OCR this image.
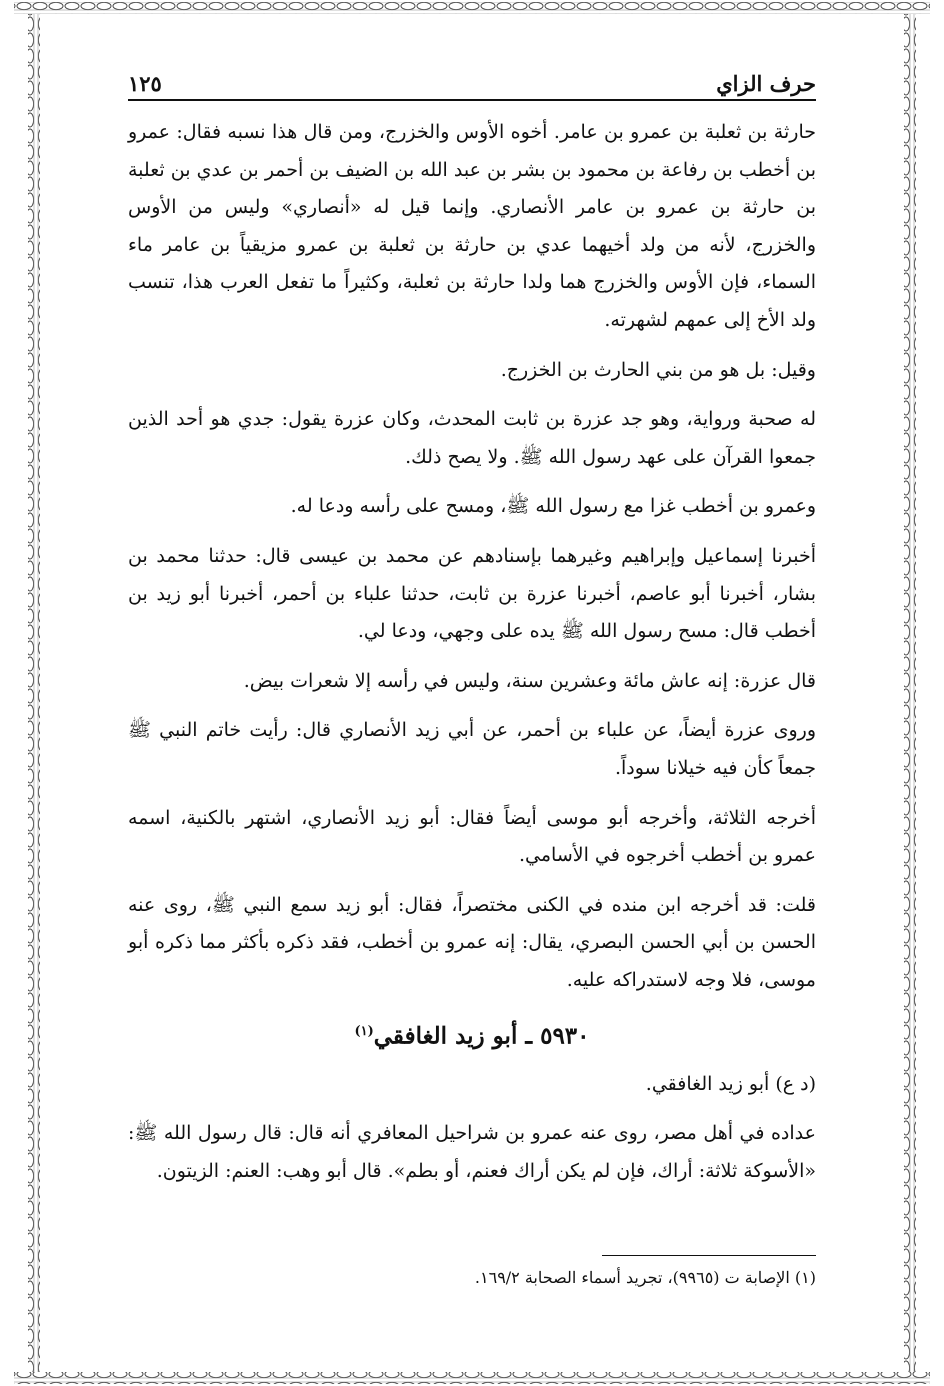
١٢٥	حرف الزاي

حارثة بن ثعلبة بن عمرو بن عامر. أخوه الأوس والخزرج، ومن قال هذا نسبه فقال: عمرو بن أخطب بن رفاعة بن محمود بن بشر بن عبد الله بن الضيف بن أحمر بن عدي بن ثعلبة بن حارثة بن عمرو بن عامر الأنصاري. وإنما قيل له «أنصاري» وليس من الأوس والخزرج، لأنه من ولد أخيهما عدي بن حارثة بن ثعلبة بن عمرو مزيقياً بن عامر ماء السماء، فإن الأوس والخزرج هما ولدا حارثة بن ثعلبة، وكثيراً ما تفعل العرب هذا، تنسب ولد الأخ إلى عمهم لشهرته.

وقيل: بل هو من بني الحارث بن الخزرج.

له صحبة ورواية، وهو جد عزرة بن ثابت المحدث، وكان عزرة يقول: جدي هو أحد الذين جمعوا القرآن على عهد رسول الله ﷺ. ولا يصح ذلك.

وعمرو بن أخطب غزا مع رسول الله ﷺ، ومسح على رأسه ودعا له.

أخبرنا إسماعيل وإبراهيم وغيرهما بإسنادهم عن محمد بن عيسى قال: حدثنا محمد بن بشار، أخبرنا أبو عاصم، أخبرنا عزرة بن ثابت، حدثنا علباء بن أحمر، أخبرنا أبو زيد بن أخطب قال: مسح رسول الله ﷺ يده على وجهي، ودعا لي.

قال عزرة: إنه عاش مائة وعشرين سنة، وليس في رأسه إلا شعرات بيض.

وروى عزرة أيضاً، عن علباء بن أحمر، عن أبي زيد الأنصاري قال: رأيت خاتم النبي ﷺ جمعاً كأن فيه خيلانا سوداً.

أخرجه الثلاثة، وأخرجه أبو موسى أيضاً فقال: أبو زيد الأنصاري، اشتهر بالكنية، اسمه عمرو بن أخطب أخرجوه في الأسامي.

قلت: قد أخرجه ابن منده في الكنى مختصراً، فقال: أبو زيد سمع النبي ﷺ، روى عنه الحسن بن أبي الحسن البصري، يقال: إنه عمرو بن أخطب، فقد ذكره بأكثر مما ذكره أبو موسى، فلا وجه لاستدراكه عليه.

٥٩٣٠ ـ أبو زيد الغافقي$^{(١)}$

(د ع) أبو زيد الغافقي.

عداده في أهل مصر، روى عنه عمرو بن شراحيل المعافري أنه قال: قال رسول الله ﷺ: «الأسوكة ثلاثة: أراك، فإن لم يكن أراك فعنم، أو بطم». قال أبو وهب: العنم: الزيتون.

(١) الإصابة ت (٩٩٦٥)، تجريد أسماء الصحابة ١٦٩/٢.
